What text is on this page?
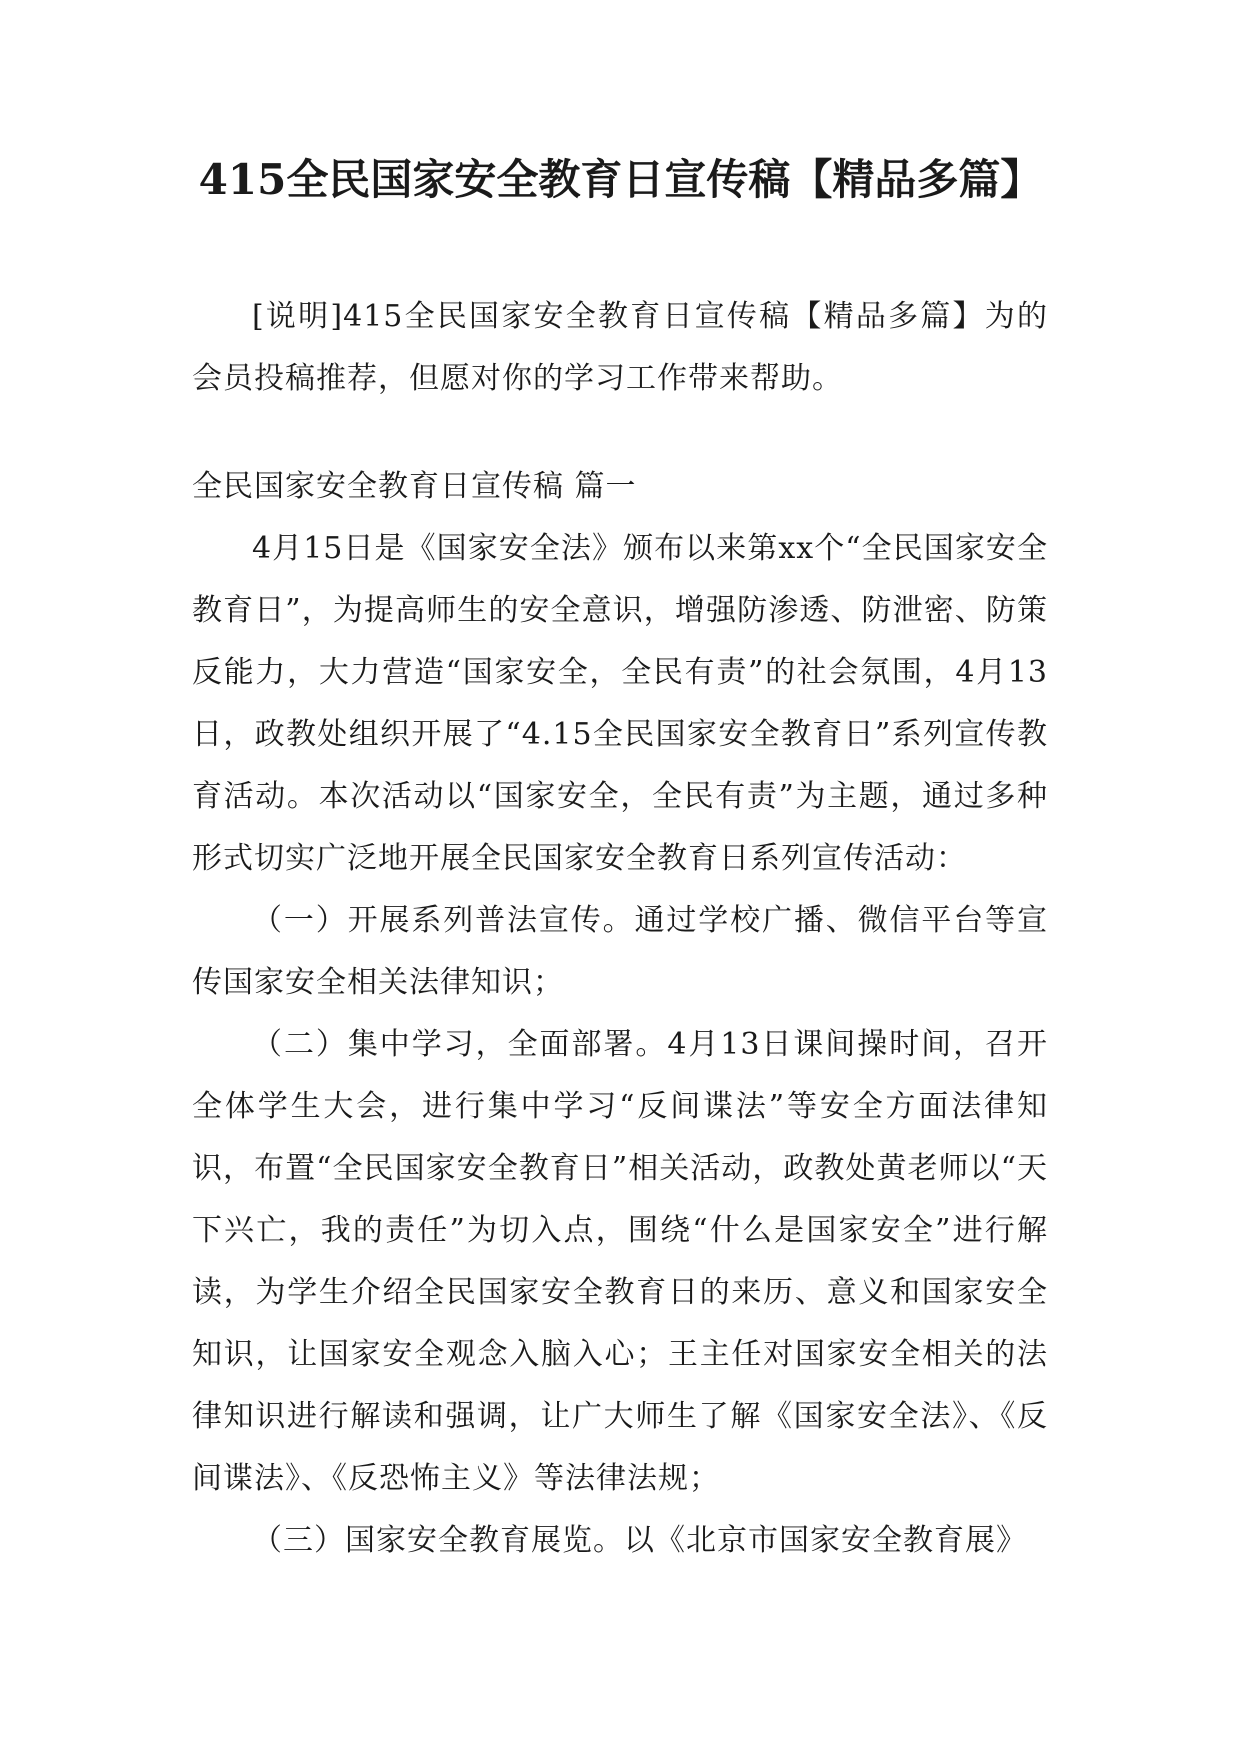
415全民国家安全教育日宣传稿【精品多篇】

[说明]415全民国家安全教育日宣传稿【精品多篇】为的会员投稿推荐，但愿对你的学习工作带来帮助。

全民国家安全教育日宣传稿 篇一

4月15日是《国家安全法》颁布以来第xx个“全民国家安全教育日”，为提高师生的安全意识，增强防渗透、防泄密、防策反能力，大力营造“国家安全，全民有责”的社会氛围，4月13日，政教处组织开展了“4.15全民国家安全教育日”系列宣传教育活动。本次活动以“国家安全，全民有责”为主题，通过多种形式切实广泛地开展全民国家安全教育日系列宣传活动：

（一）开展系列普法宣传。通过学校广播、微信平台等宣传国家安全相关法律知识；

（二）集中学习，全面部署。4月13日课间操时间，召开全体学生大会，进行集中学习“反间谍法”等安全方面法律知识，布置“全民国家安全教育日”相关活动，政教处黄老师以“天下兴亡，我的责任”为切入点，围绕“什么是国家安全”进行解读，为学生介绍全民国家安全教育日的来历、意义和国家安全知识，让国家安全观念入脑入心；王主任对国家安全相关的法律知识进行解读和强调，让广大师生了解《国家安全法》、《反间谍法》、《反恐怖主义》等法律法规；

（三）国家安全教育展览。以《北京市国家安全教育展》
